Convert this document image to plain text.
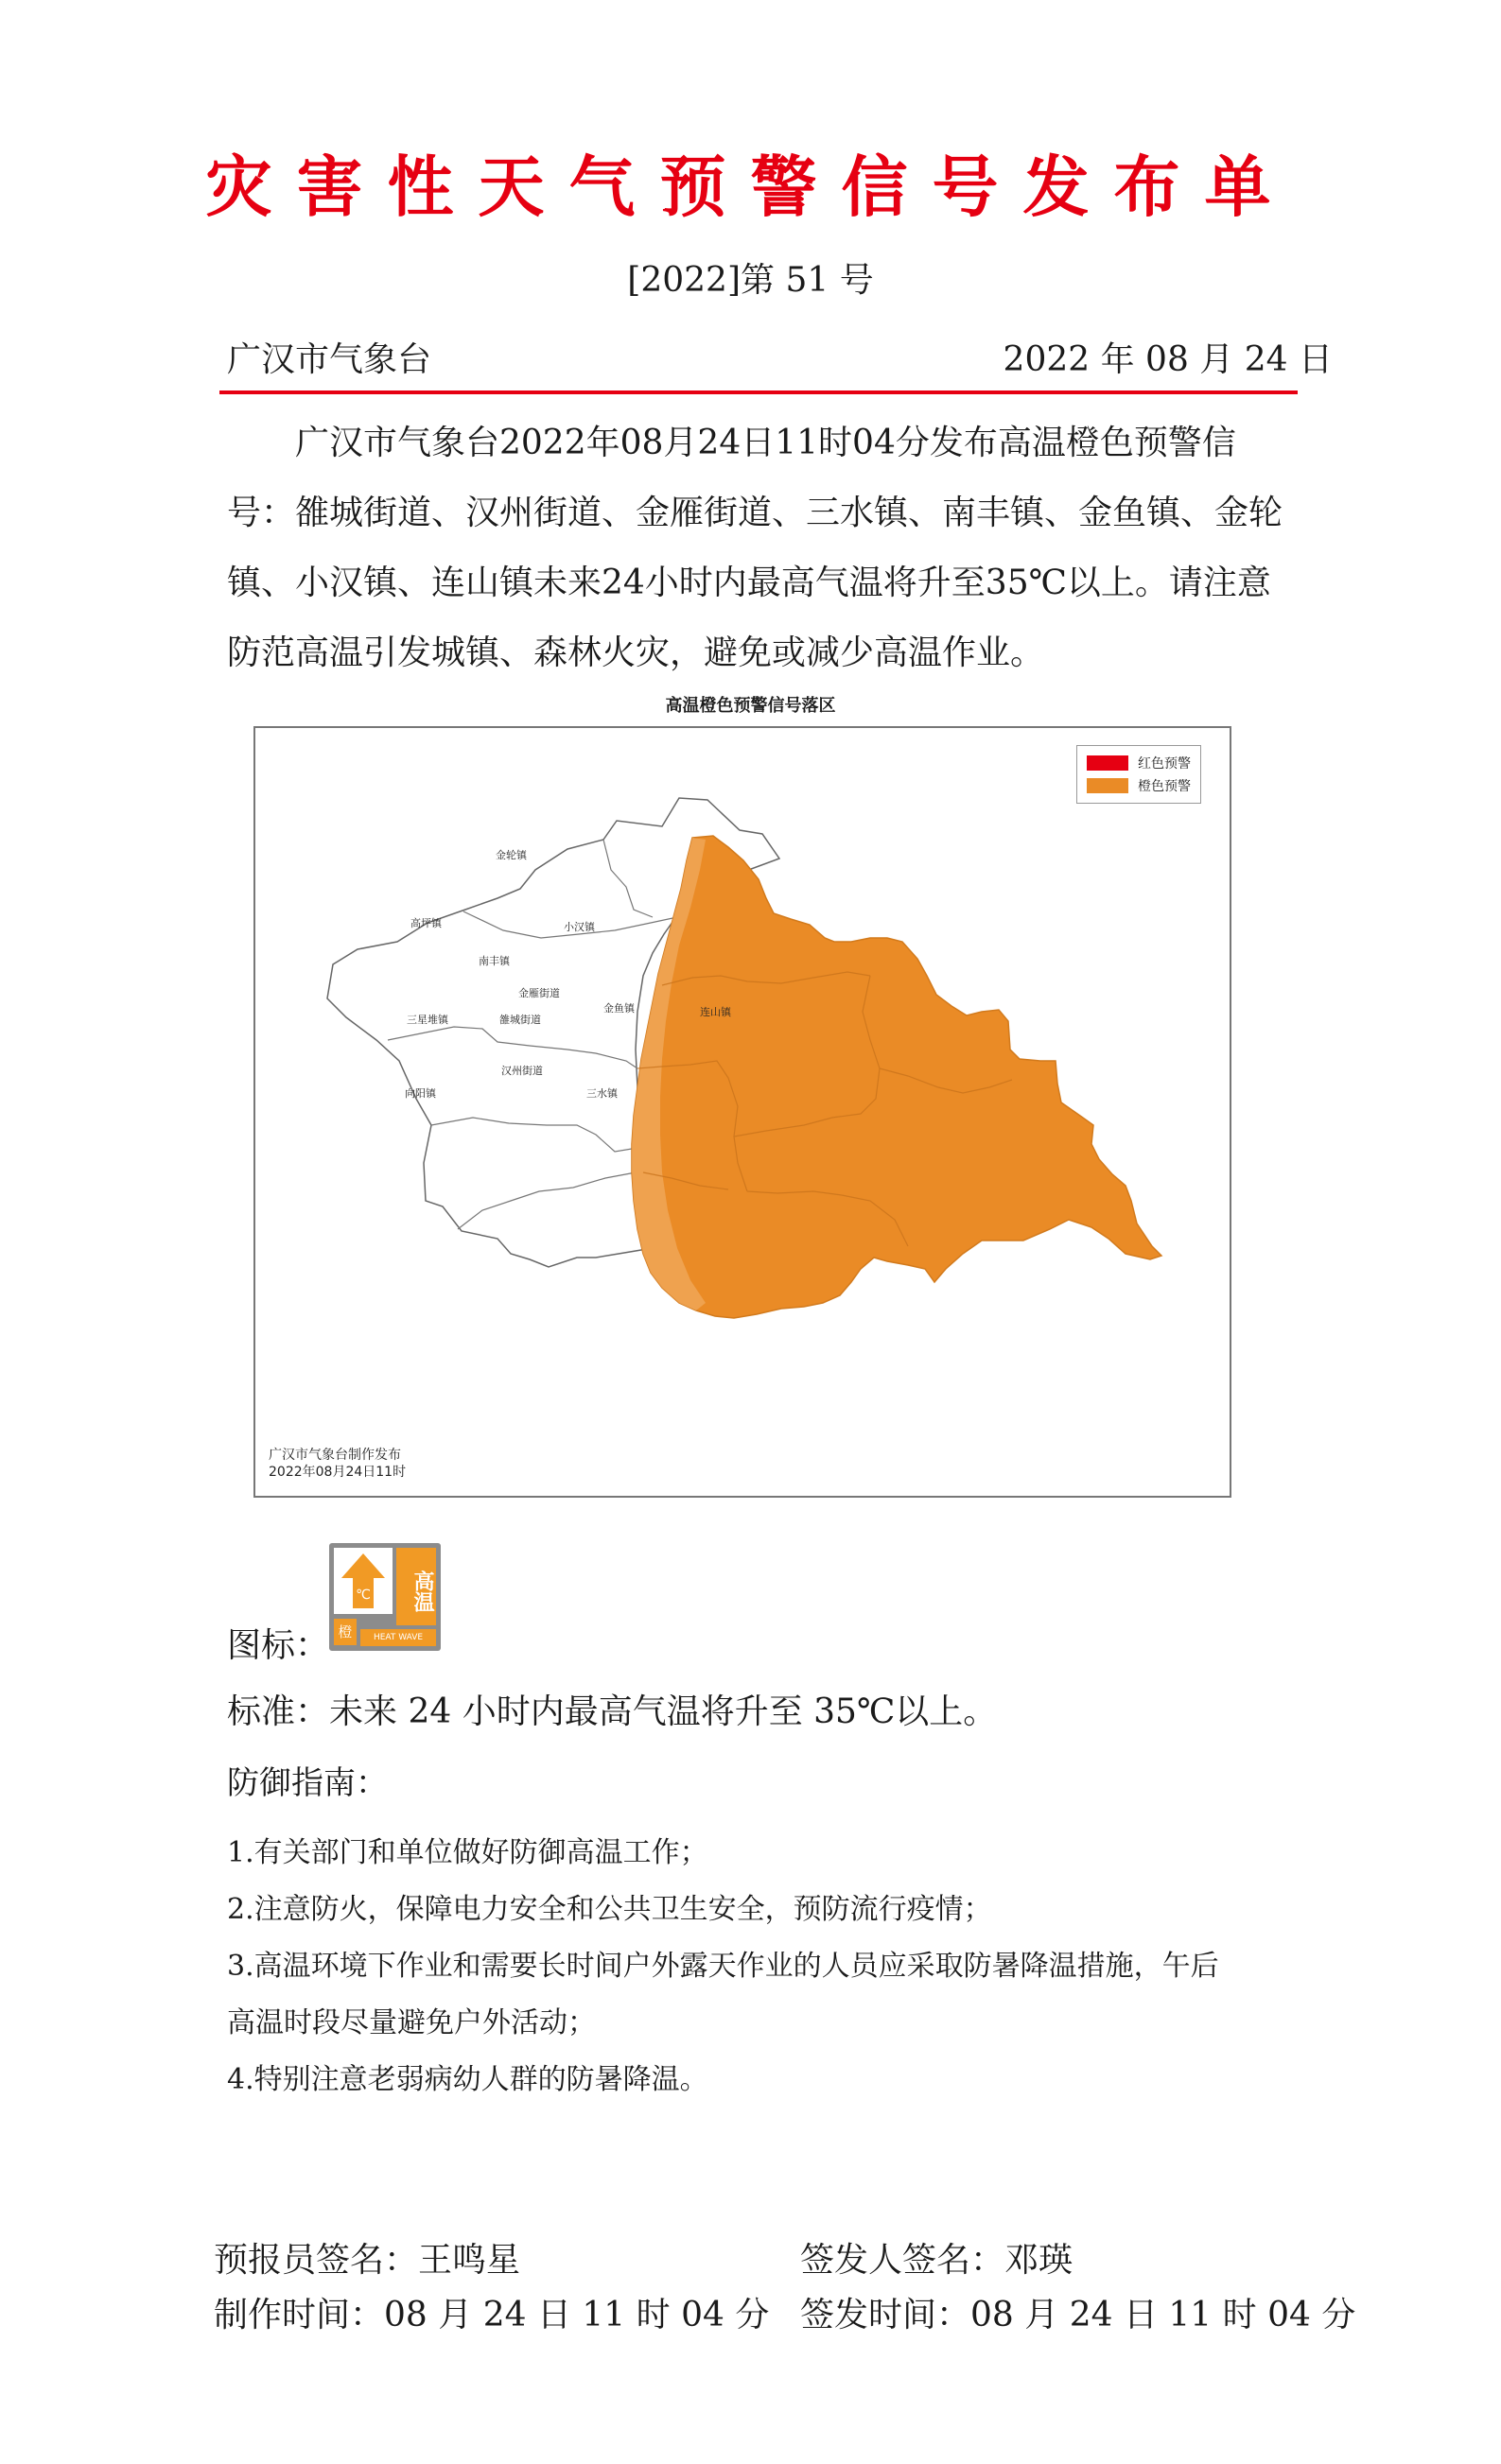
灾害性天气预警信号发布单
[2022]第 51 号
广汉市气象台	2022 年 08 月 24 日

广汉市气象台2022年08月24日11时04分发布高温橙色预警信号：雒城街道、汉州街道、金雁街道、三水镇、南丰镇、金鱼镇、金轮镇、小汉镇、连山镇未来24小时内最高气温将升至35℃以上。请注意防范高温引发城镇、森林火灾，避免或减少高温作业。

高温橙色预警信号落区
金轮镇
高坪镇	小汉镇
南丰镇
金雁街道
金鱼镇	连山镇
三星堆镇	雒城街道
汉州街道
向阳镇	三水镇
红色预警
橙色预警
广汉市气象台制作发布
2022年08月24日11时
图标：
℃	高温
橙	HEAT WAVE
标准：未来 24 小时内最高气温将升至 35℃以上。
防御指南：
1.有关部门和单位做好防御高温工作；
2.注意防火，保障电力安全和公共卫生安全，预防流行疫情；
3.高温环境下作业和需要长时间户外露天作业的人员应采取防暑降温措施，午后
高温时段尽量避免户外活动；
4.特别注意老弱病幼人群的防暑降温。
预报员签名：王鸣星	签发人签名：邓瑛
制作时间：08 月 24 日 11 时 04 分 签发时间：08 月 24 日 11 时 04 分
